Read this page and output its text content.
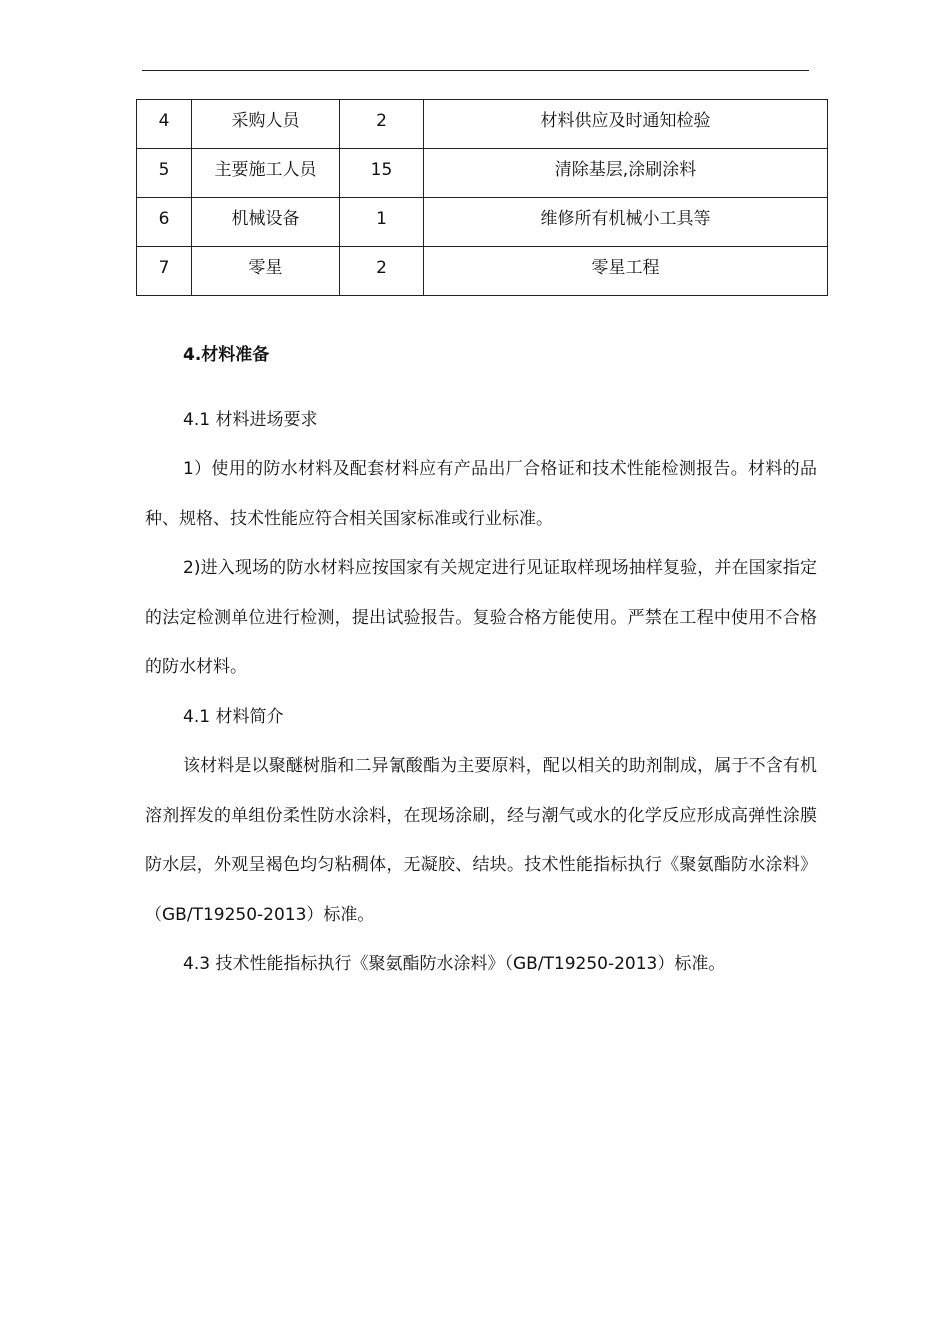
4	采购人员	2	材料供应及时通知检验
5	主要施工人员	15	清除基层,涂刷涂料
6	机械设备	1	维修所有机械小工具等
7	零星	2	零星工程

4.材料准备

4.1 材料进场要求

1）使用的防水材料及配套材料应有产品出厂合格证和技术性能检测报告。材料的品种、规格、技术性能应符合相关国家标准或行业标准。

2)进入现场的防水材料应按国家有关规定进行见证取样现场抽样复验，并在国家指定的法定检测单位进行检测，提出试验报告。复验合格方能使用。严禁在工程中使用不合格的防水材料。

4.1 材料简介

该材料是以聚醚树脂和二异氰酸酯为主要原料，配以相关的助剂制成，属于不含有机溶剂挥发的单组份柔性防水涂料，在现场涂刷，经与潮气或水的化学反应形成高弹性涂膜防水层，外观呈褐色均匀粘稠体，无凝胶、结块。技术性能指标执行《聚氨酯防水涂料》（GB/T19250-2013）标准。

4.3 技术性能指标执行《聚氨酯防水涂料》（GB/T19250-2013）标准。
